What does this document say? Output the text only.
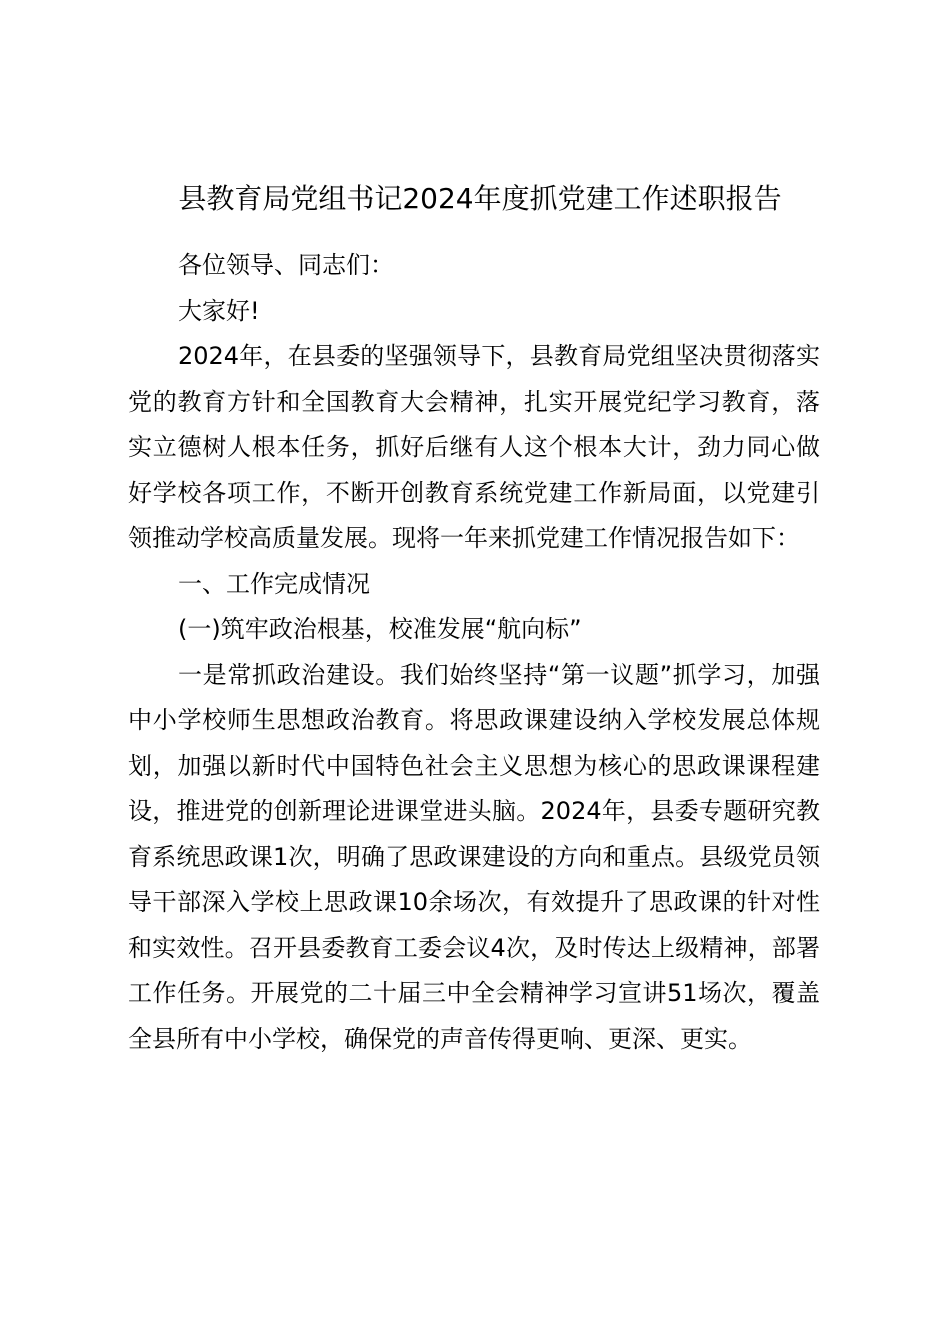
县教育局党组书记2024年度抓党建工作述职报告

各位领导、同志们：

大家好!

2024年，在县委的坚强领导下，县教育局党组坚决贯彻落实党的教育方针和全国教育大会精神，扎实开展党纪学习教育，落实立德树人根本任务，抓好后继有人这个根本大计，劲力同心做好学校各项工作，不断开创教育系统党建工作新局面，以党建引领推动学校高质量发展。现将一年来抓党建工作情况报告如下：

一、工作完成情况

(一)筑牢政治根基，校准发展“航向标”

一是常抓政治建设。我们始终坚持“第一议题”抓学习，加强中小学校师生思想政治教育。将思政课建设纳入学校发展总体规划，加强以新时代中国特色社会主义思想为核心的思政课课程建设，推进党的创新理论进课堂进头脑。2024年，县委专题研究教育系统思政课1次，明确了思政课建设的方向和重点。县级党员领导干部深入学校上思政课10余场次，有效提升了思政课的针对性和实效性。召开县委教育工委会议4次，及时传达上级精神，部署工作任务。开展党的二十届三中全会精神学习宣讲51场次，覆盖全县所有中小学校，确保党的声音传得更响、更深、更实。
